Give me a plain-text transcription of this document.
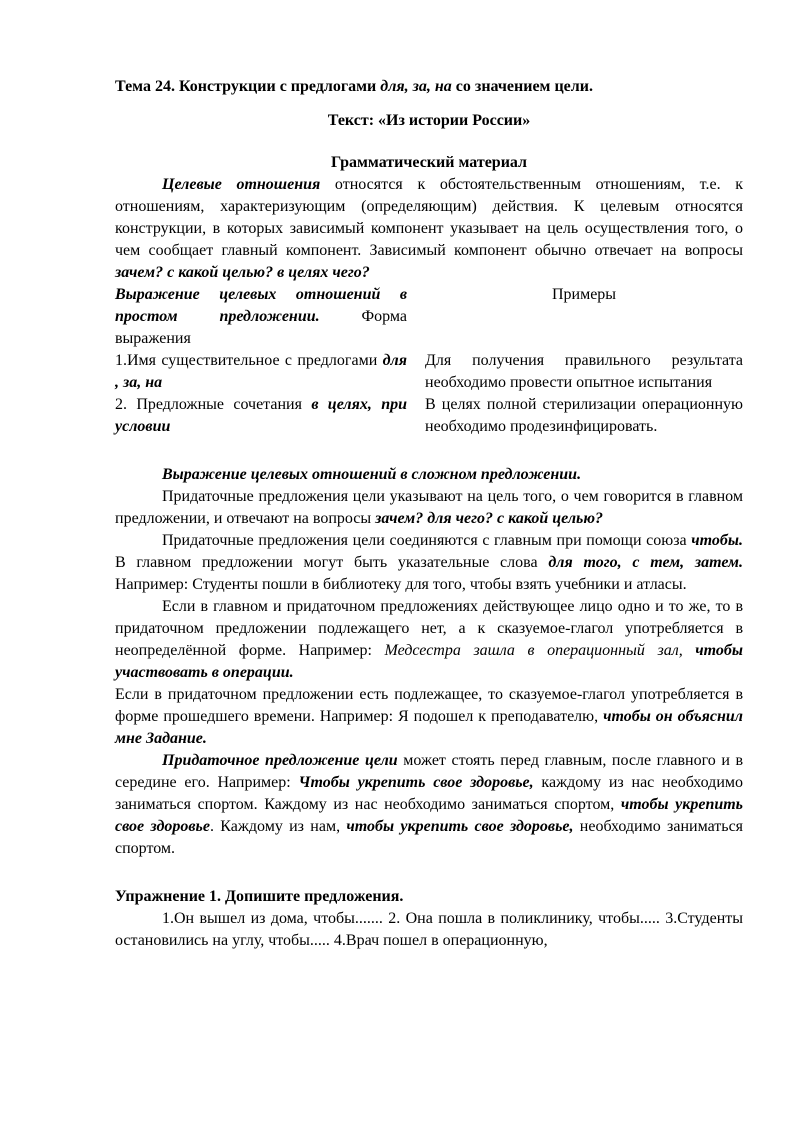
Тема 24. Конструкции с предлогами для, за, на со значением цели.
Текст: «Из истории России»
Грамматический материал

Целевые отношения относятся к обстоятельственным отношениям, т.е. к отношениям, характеризующим (определяющим) действия. К целевым относятся конструкции, в которых зависимый компонент указывает на цель осуществления того, о чем сообщает главный компонент. Зависимый компонент обычно отвечает на вопросы зачем? с какой целью? в целях чего?

Выражение целевых отношений в простом предложении. Форма выражения

1.Имя существительное с предлогами для , за, на

2. Предложные сочетания в целях, при условии

Примеры

Для получения правильного результата необходимо провести опытное испытания

В целях полной стерилизации операционную необходимо продезинфицировать.

Выражение целевых отношений в сложном предложении.

Придаточные предложения цели указывают на цель того, о чем говорится в главном предложении, и отвечают на вопросы зачем? для чего? с какой целью?

Придаточные предложения цели соединяются с главным при помощи союза чтобы. В главном предложении могут быть указательные слова для того, с тем, затем. Например: Студенты пошли в библиотеку для того, чтобы взять учебники и атласы.

Если в главном и придаточном предложениях действующее лицо одно и то же, то в придаточном предложении подлежащего нет, а к сказуемое-глагол употребляется в неопределённой форме. Например: Медсестра зашла в операционный зал, чтобы участвовать в операции.

Если в придаточном предложении есть подлежащее, то сказуемое-глагол употребляется в форме прошедшего времени. Например: Я подошел к преподавателю, чтобы он объяснил мне Задание.

Придаточное предложение цели может стоять перед главным, после главного и в середине его. Например: Чтобы укрепить свое здоровье, каждому из нас необходимо заниматься спортом. Каждому из нас необходимо заниматься спортом, чтобы укрепить свое здоровье. Каждому из нам, чтобы укрепить свое здоровье, необходимо заниматься спортом.

Упражнение 1. Допишите предложения.

1.Он вышел из дома, чтобы....... 2. Она пошла в поликлинику, чтобы..... 3.Студенты остановились на углу, чтобы..... 4.Врач пошел в операционную,
